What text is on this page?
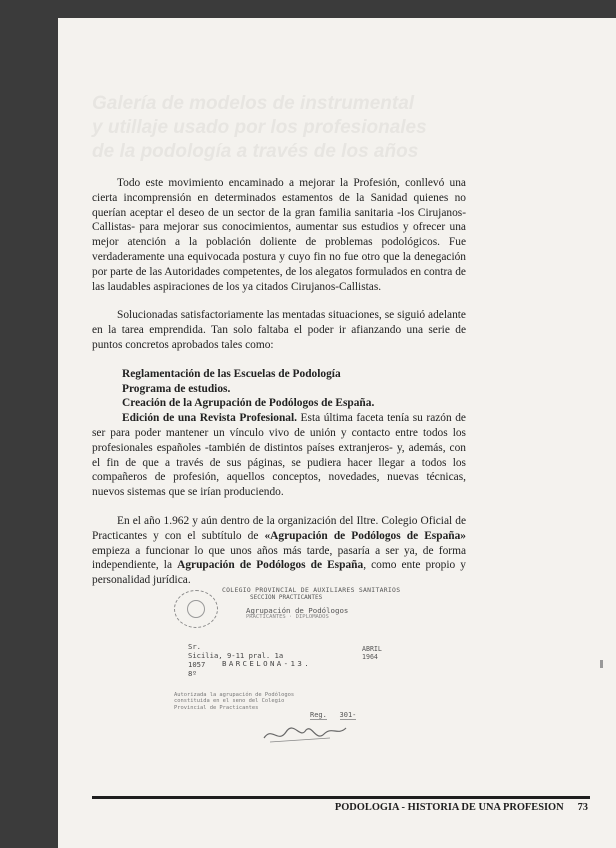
Galería de modelos de instrumental
y utillaje usado por los profesionales
de la podología a través de los años

Todo este movimiento encaminado a mejorar la Profesión, conllevó una cierta incomprensión en determinados estamentos de la Sanidad quienes no querían aceptar el deseo de un sector de la gran familia sanitaria -los Cirujanos-Callistas- para mejorar sus conocimientos, aumentar sus estudios y ofrecer una mejor atención a la población doliente de problemas podológicos. Fue verdaderamente una equivocada postura y cuyo fin no fue otro que la denegación por parte de las Autoridades competentes, de los alegatos formulados en contra de las laudables aspiraciones de los ya citados Cirujanos-Callistas.

Solucionadas satisfactoriamente las mentadas situaciones, se siguió adelante en la tarea emprendida. Tan solo faltaba el poder ir afianzando una serie de puntos concretos aprobados tales como:

Reglamentación de las Escuelas de Podología
Programa de estudios.
Creación de la Agrupación de Podólogos de España.
Edición de una Revista Profesional. Esta última faceta tenía su razón de ser para poder mantener un vínculo vivo de unión y contacto entre todos los profesionales españoles -también de distintos países extranjeros- y, además, con el fin de que a través de sus páginas, se pudiera hacer llegar a todos los compañeros de profesión, aquellos conceptos, novedades, nuevas técnicas, nuevos sistemas que se irían produciendo.

En el año 1.962 y aún dentro de la organización del Iltre. Colegio Oficial de Practicantes y con el subtítulo de «Agrupación de Podólogos de España» empieza a funcionar lo que unos años más tarde, pasaría a ser ya, de forma independiente, la Agrupación de Podólogos de España, como ente propio y personalidad jurídica.

COLEGIO PROVINCIAL DE AUXILIARES SANITARIOS
SECCION PRACTICANTES
Agrupación de Podólogos
PRACTICANTES · DIPLOMADOS
Sr.
Sicilia, 9-11 pral. 1a
1057
8º
BARCELONA-13.
ABRIL
1964
Autorizada la agrupación de Podólogos
constituida en el seno del Colegio
Provincial de Practicantes
Reg. 301-
PODOLOGIA - HISTORIA DE UNA PROFESION 73
